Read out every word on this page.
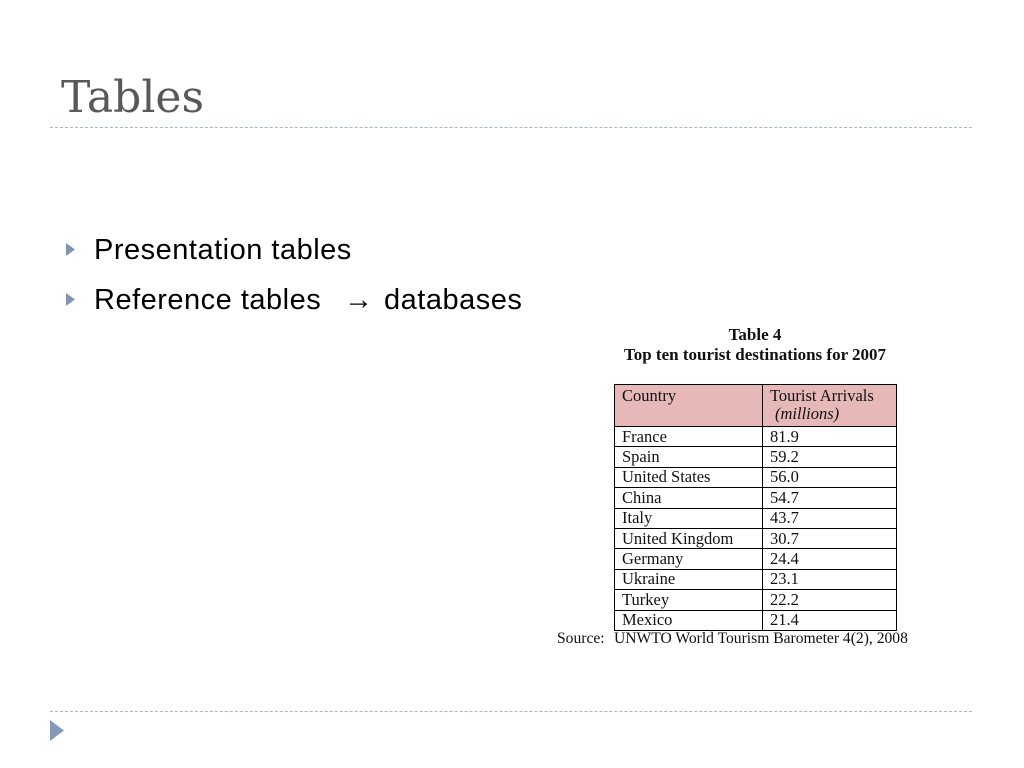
Tables
Presentation tables
Reference tables → databases
Table 4
Top ten tourist destinations for 2007
Country	Tourist Arrivals
(millions)

France	81.9
Spain	59.2
United States	56.0
China	54.7
Italy	43.7
United Kingdom	30.7
Germany	24.4
Ukraine	23.1
Turkey	22.2
Mexico	21.4
Source: UNWTO World Tourism Barometer 4(2), 2008
